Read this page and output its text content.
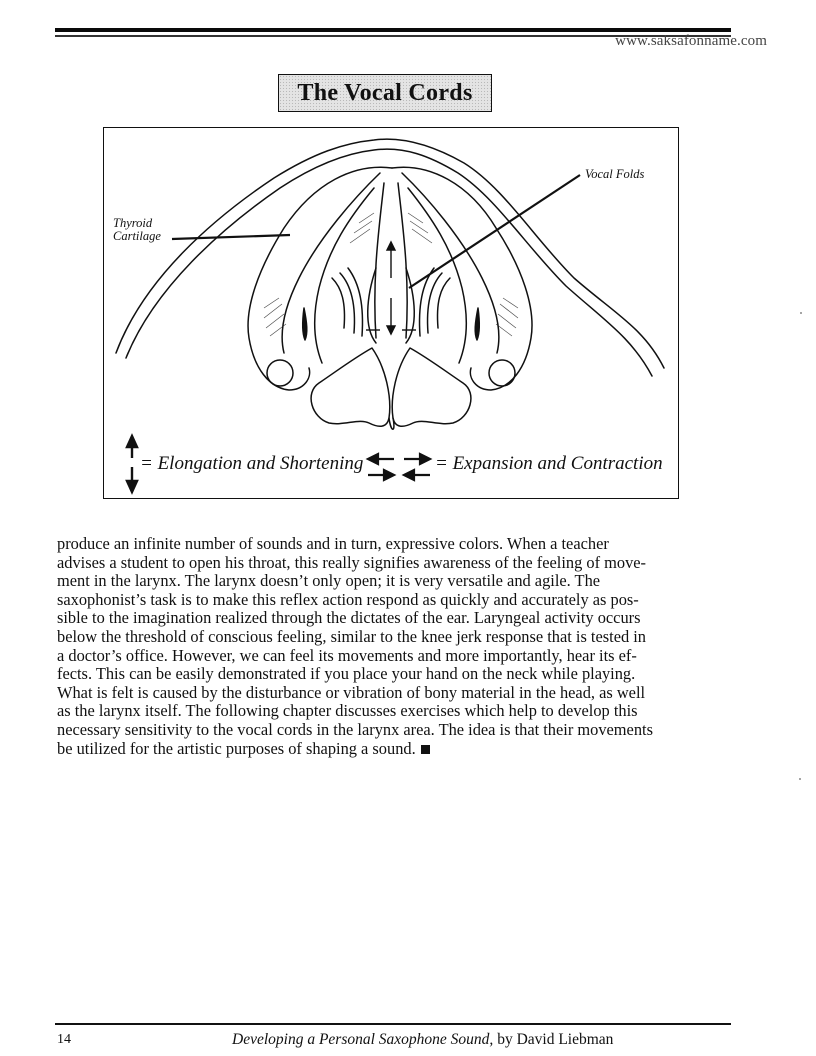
www.saksafonname.com
The Vocal Cords
Thyroid
Cartilage
Vocal Folds
= Elongation and Shortening	= Expansion and Contraction
produce an infinite number of sounds and in turn, expressive colors. When a teacher
advises a student to open his throat, this really signifies awareness of the feeling of move-
ment in the larynx. The larynx doesn’t only open; it is very versatile and agile. The
saxophonist’s task is to make this reflex action respond as quickly and accurately as pos-
sible to the imagination realized through the dictates of the ear. Laryngeal activity occurs
below the threshold of conscious feeling, similar to the knee jerk response that is tested in
a doctor’s office. However, we can feel its movements and more importantly, hear its ef-
fects. This can be easily demonstrated if you place your hand on the neck while playing.
What is felt is caused by the disturbance or vibration of bony material in the head, as well
as the larynx itself. The following chapter discusses exercises which help to develop this
necessary sensitivity to the vocal cords in the larynx area. The idea is that their movements
be utilized for the artistic purposes of shaping a sound.
14	Developing a Personal Saxophone Sound, by David Liebman
